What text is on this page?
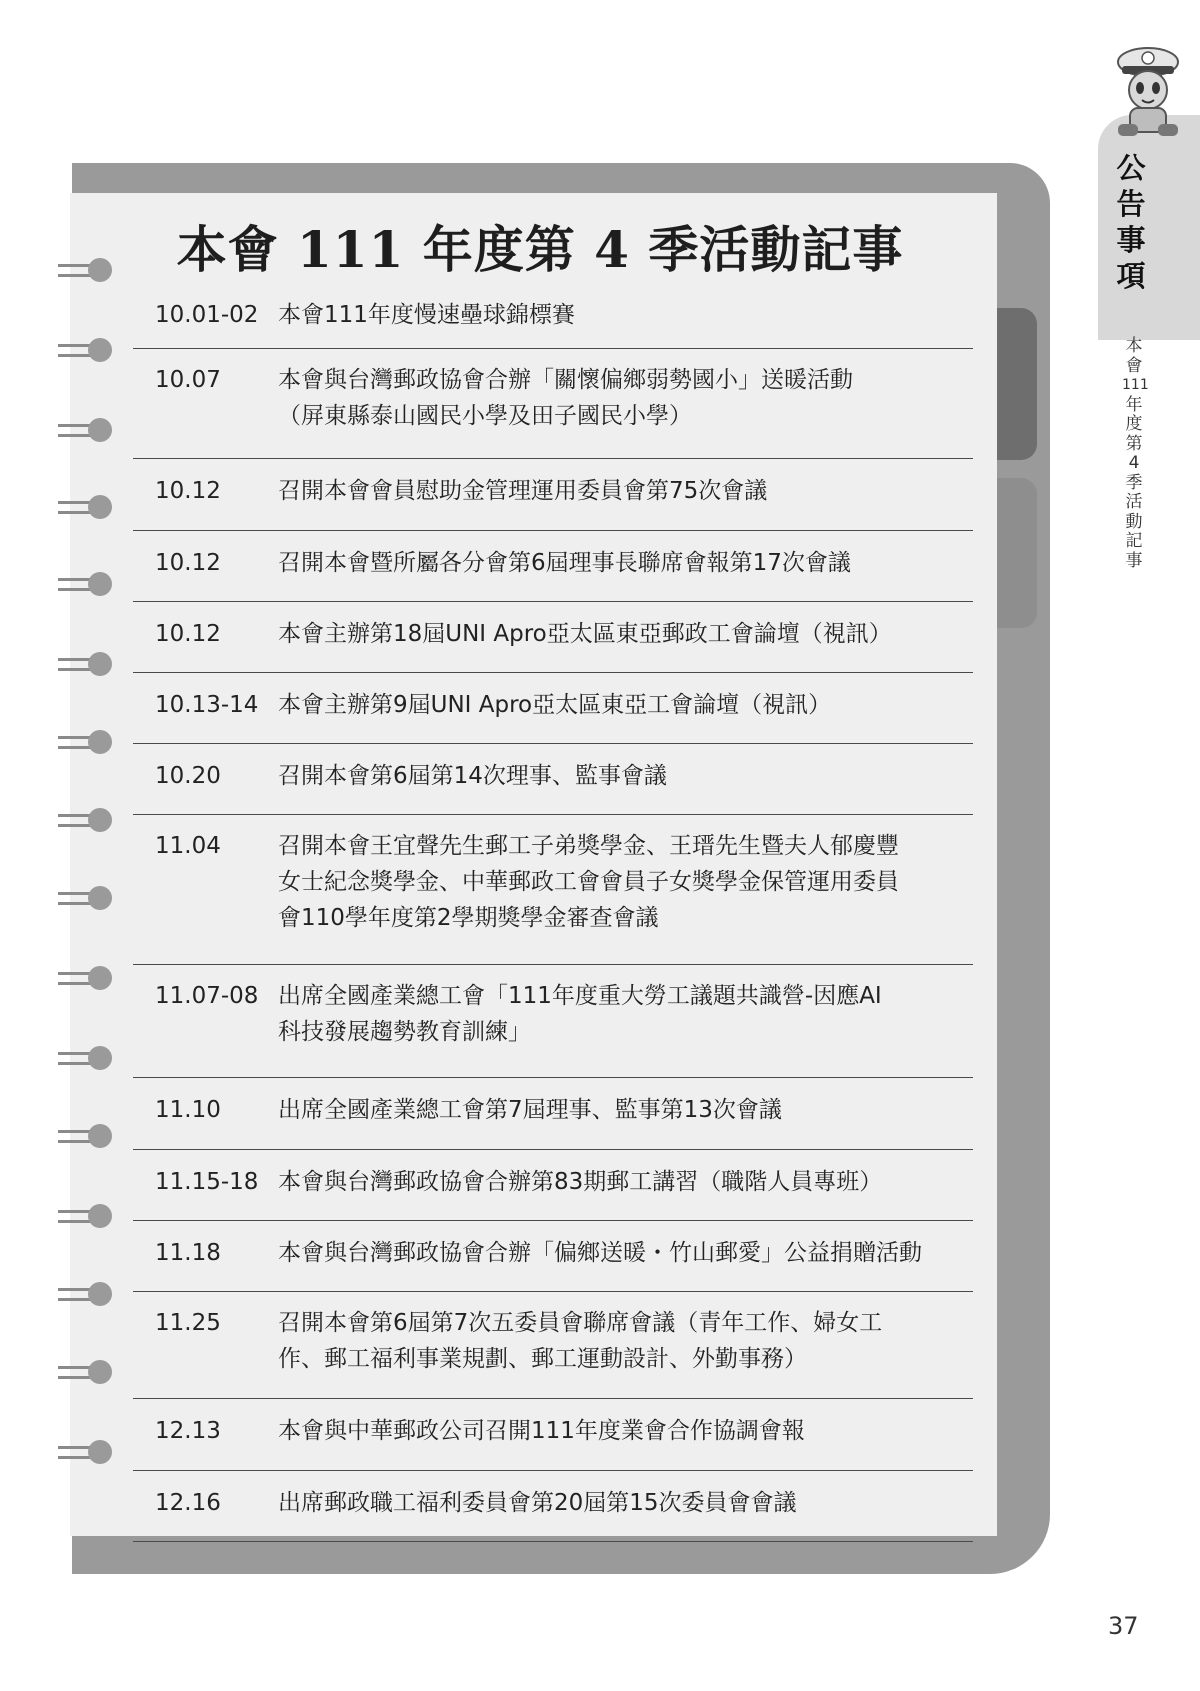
本會 111 年度第 4 季活動記事
10.01-02 本會111年度慢速壘球錦標賽
10.07 本會與台灣郵政協會合辦「關懷偏鄉弱勢國小」送暖活動
（屏東縣泰山國民小學及田子國民小學）
10.12 召開本會會員慰助金管理運用委員會第75次會議
10.12 召開本會暨所屬各分會第6屆理事長聯席會報第17次會議
10.12 本會主辦第18屆UNI Apro亞太區東亞郵政工會論壇（視訊）
10.13-14 本會主辦第9屆UNI Apro亞太區東亞工會論壇（視訊）
10.20 召開本會第6屆第14次理事、監事會議
11.04 召開本會王宜聲先生郵工子弟獎學金、王瑨先生暨夫人郁慶豐
女士紀念獎學金、中華郵政工會會員子女獎學金保管運用委員
會110學年度第2學期獎學金審查會議
11.07-08 出席全國產業總工會「111年度重大勞工議題共識營-因應AI
科技發展趨勢教育訓練」
11.10 出席全國產業總工會第7屆理事、監事第13次會議
11.15-18 本會與台灣郵政協會合辦第83期郵工講習（職階人員專班）
11.18 本會與台灣郵政協會合辦「偏鄉送暖・竹山郵愛」公益捐贈活動
11.25 召開本會第6屆第7次五委員會聯席會議（青年工作、婦女工
作、郵工福利事業規劃、郵工運動設計、外勤事務）
12.13 本會與中華郵政公司召開111年度業會合作協調會報
12.16 出席郵政職工福利委員會第20屆第15次委員會會議
公
告
事
項
本
會
111
年
度
第
4
季
活
動
記
事
37
